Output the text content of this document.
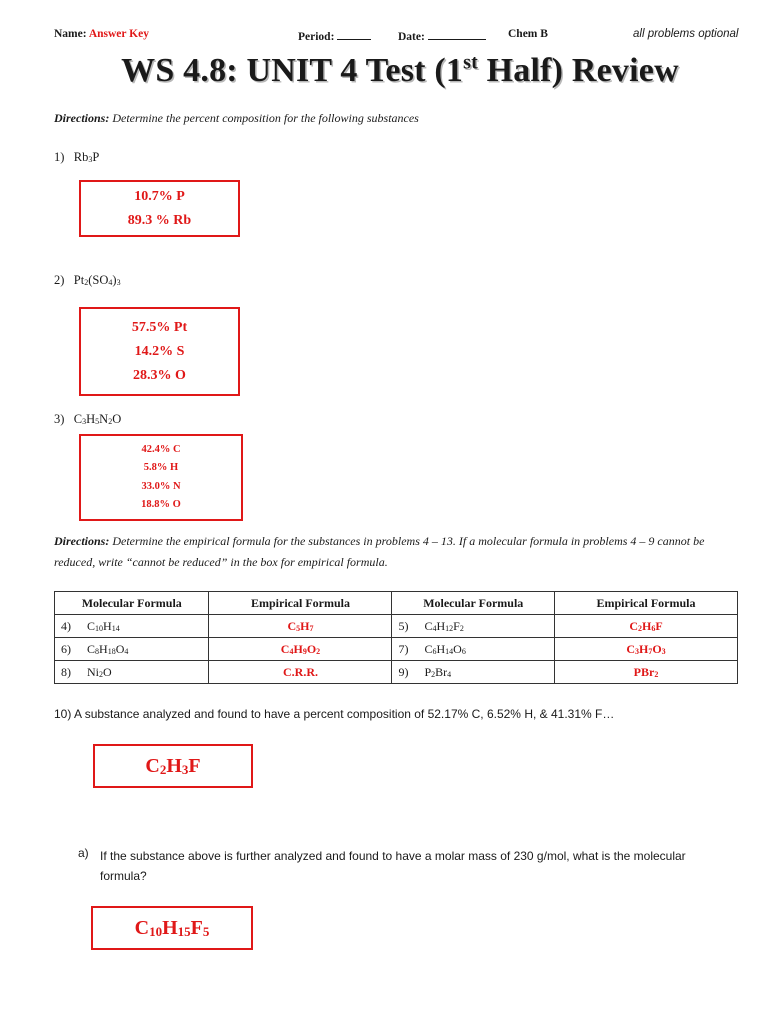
Name: Answer Key	Period:	Date:	Chem B	all problems optional
WS 4.8: UNIT 4 Test (1st Half) Review
Directions: Determine the percent composition for the following substances
1) $Rb_3P$
10.7% P
89.3 % Rb
2) $Pt_2(SO_4)_3$
57.5% Pt
14.2% S
28.3% O
3) $C_3H_5N_2O$
42.4% C
5.8% H
33.0% N
18.8% O
Directions: Determine the empirical formula for the substances in problems 4 – 13. If a molecular formula in problems 4 – 9 cannot be reduced, write “cannot be reduced” in the box for empirical formula.
Molecular Formula		Empirical Formula	Molecular Formula		Empirical Formula
4)	$C_{10}H_{14}$	$C_5H_7$	5)	$C_4H_{12}F_2$	$C_2H_6F$
6)	$C_8H_{18}O_4$	$C_4H_9O_2$	7)	$C_6H_{14}O_6$	$C_3H_7O_3$
8)	$Ni_2O$	C.R.R.	9)	$P_2Br_4$	PBr$_2$
10) A substance analyzed and found to have a percent composition of 52.17% C, 6.52% H, & 41.31% F…
$C_2H_3F$
a) If the substance above is further analyzed and found to have a molar mass of 230 g/mol, what is the molecular
formula?
$C_{10}H_{15}F_5$
